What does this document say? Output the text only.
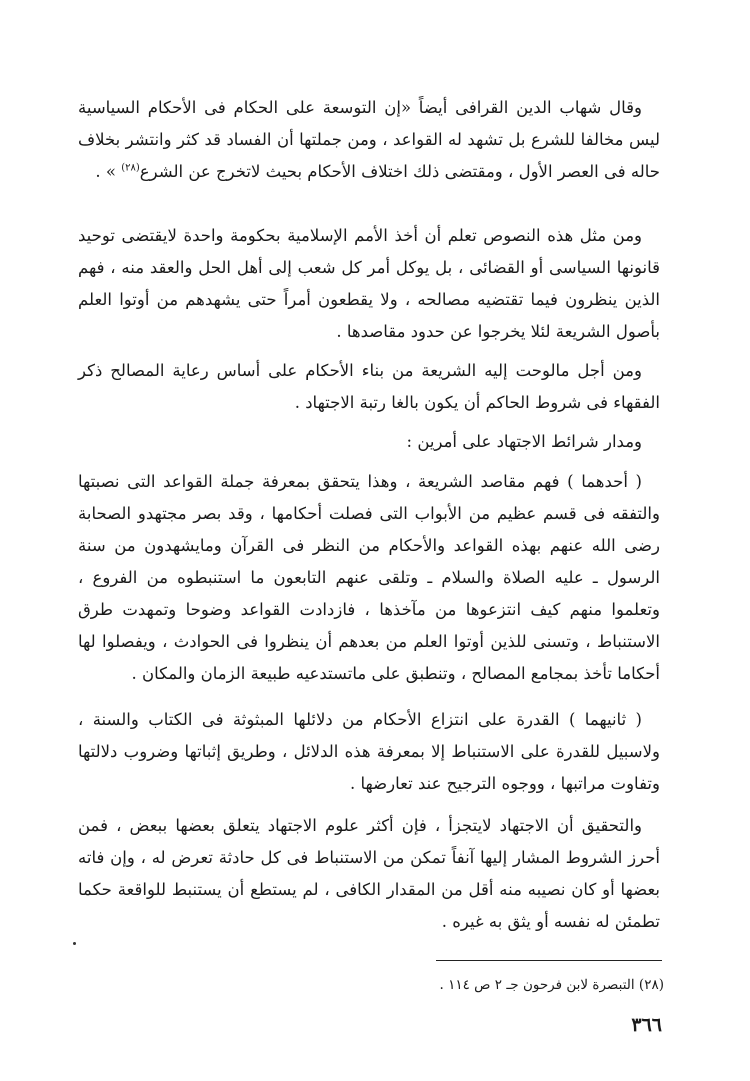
وقال شهاب الدين القرافى أيضاً «إن التوسعة على الحكام فى الأحكام السياسية ليس مخالفا للشرع بل تشهد له القواعد ، ومن جملتها أن الفساد قد كثر وانتشر بخلاف حاله فى العصر الأول ، ومقتضى ذلك اختلاف الأحكام بحيث لاتخرج عن الشرع$^{(٢٨)}$ » .

ومن مثل هذه النصوص تعلم أن أخذ الأمم الإسلامية بحكومة واحدة لايقتضى توحيد قانونها السياسى أو القضائى ، بل يوكل أمر كل شعب إلى أهل الحل والعقد منه ، فهم الذين ينظرون فيما تقتضيه مصالحه ، ولا يقطعون أمراً حتى يشهدهم من أوتوا العلم بأصول الشريعة لئلا يخرجوا عن حدود مقاصدها .

ومن أجل مالوحت إليه الشريعة من بناء الأحكام على أساس رعاية المصالح ذكر الفقهاء فى شروط الحاكم أن يكون بالغا رتبة الاجتهاد .

ومدار شرائط الاجتهاد على أمرين :

( أحدهما ) فهم مقاصد الشريعة ، وهذا يتحقق بمعرفة جملة القواعد التى نصبتها والتفقه فى قسم عظيم من الأبواب التى فصلت أحكامها ، وقد بصر مجتهدو الصحابة رضى الله عنهم بهذه القواعد والأحكام من النظر فى القرآن ومايشهدون من سنة الرسول ـ عليه الصلاة والسلام ـ وتلقى عنهم التابعون ما استنبطوه من الفروع ، وتعلموا منهم كيف انتزعوها من مآخذها ، فازدادت القواعد وضوحا وتمهدت طرق الاستنباط ، وتسنى للذين أوتوا العلم من بعدهم أن ينظروا فى الحوادث ، ويفصلوا لها أحكاما تأخذ بمجامع المصالح ، وتنطبق على ماتستدعيه طبيعة الزمان والمكان .

( ثانيهما ) القدرة على انتزاع الأحكام من دلائلها المبثوثة فى الكتاب والسنة ، ولاسبيل للقدرة على الاستنباط إلا بمعرفة هذه الدلائل ، وطريق إثباتها وضروب دلالتها وتفاوت مراتبها ، ووجوه الترجيح عند تعارضها .

والتحقيق أن الاجتهاد لايتجزأ ، فإن أكثر علوم الاجتهاد يتعلق بعضها ببعض ، فمن أحرز الشروط المشار إليها آنفاً تمكن من الاستنباط فى كل حادثة تعرض له ، وإن فاته بعضها أو كان نصيبه منه أقل من المقدار الكافى ، لم يستطع أن يستنبط للواقعة حكما تطمئن له نفسه أو يثق به غيره .

(٢٨) التبصرة لابن فرحون جـ ٢ ص ١١٤ .
٣٦٦
